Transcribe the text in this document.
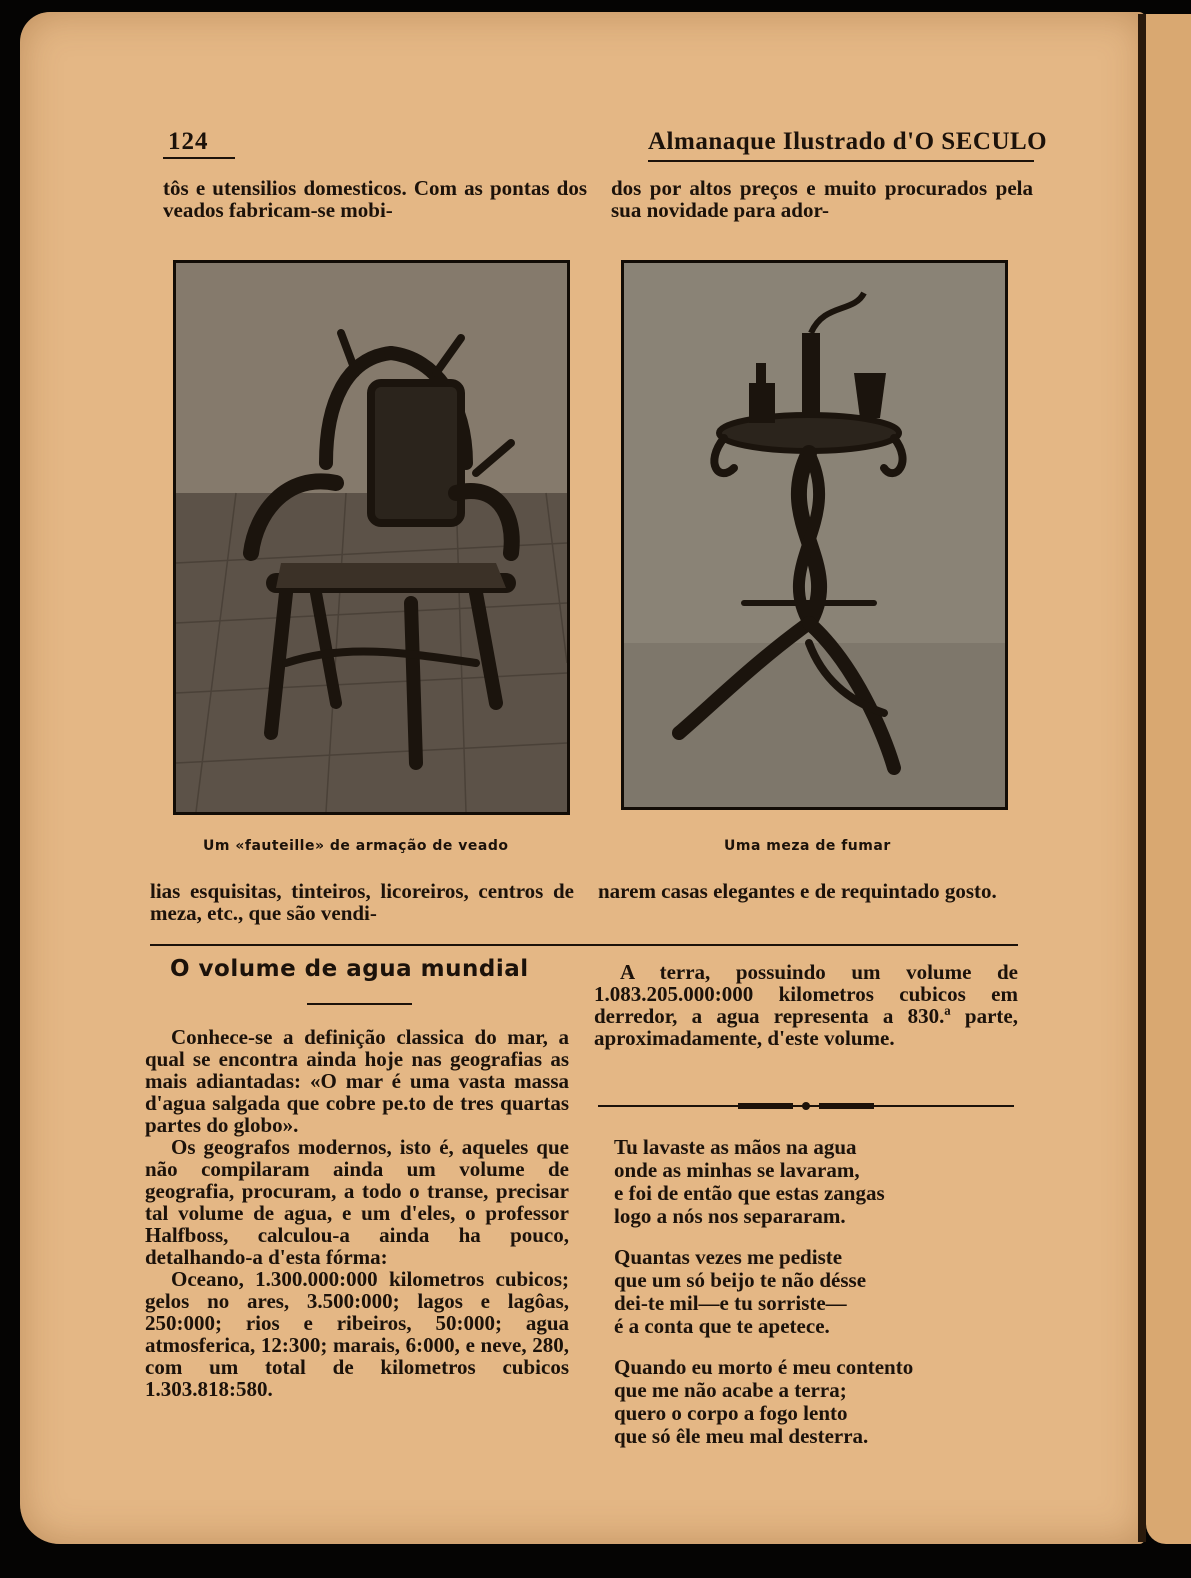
124	Almanaque Ilustrado d'O SECULO

tôs e utensilios domesticos. Com as pontas dos veados fabricam-se mobi-

dos por altos preços e muito procurados pela sua novidade para ador-

Um «fauteille» de armação de veado	Uma meza de fumar

lias esquisitas, tinteiros, licoreiros, centros de meza, etc., que são vendi-

narem casas elegantes e de requintado gosto.

O volume de agua mundial

Conhece-se a definição classica do mar, a qual se encontra ainda hoje nas geografias as mais adiantadas: «O mar é uma vasta massa d'agua salgada que cobre pe.to de tres quartas partes do globo».

Os geografos modernos, isto é, aqueles que não compilaram ainda um volume de geografia, procuram, a todo o transe, precisar tal volume de agua, e um d'eles, o professor Halfboss, calculou-a ainda ha pouco, detalhando-a d'esta fórma:

Oceano, 1.300.000:000 kilometros cubicos; gelos no ares, 3.500:000; lagos e lagôas, 250:000; rios e ribeiros, 50:000; agua atmosferica, 12:300; marais, 6:000, e neve, 280, com um total de kilometros cubicos 1.303.818:580.

A terra, possuindo um volume de 1.083.205.000:000 kilometros cubicos em derredor, a agua representa a 830.ª parte, aproximadamente, d'este volume.

Tu lavaste as mãos na agua
onde as minhas se lavaram,
e foi de então que estas zangas
logo a nós nos separaram.
Quantas vezes me pediste
que um só beijo te não désse
dei-te mil—e tu sorriste—
é a conta que te apetece.
Quando eu morto é meu contento
que me não acabe a terra;
quero o corpo a fogo lento
que só êle meu mal desterra.
